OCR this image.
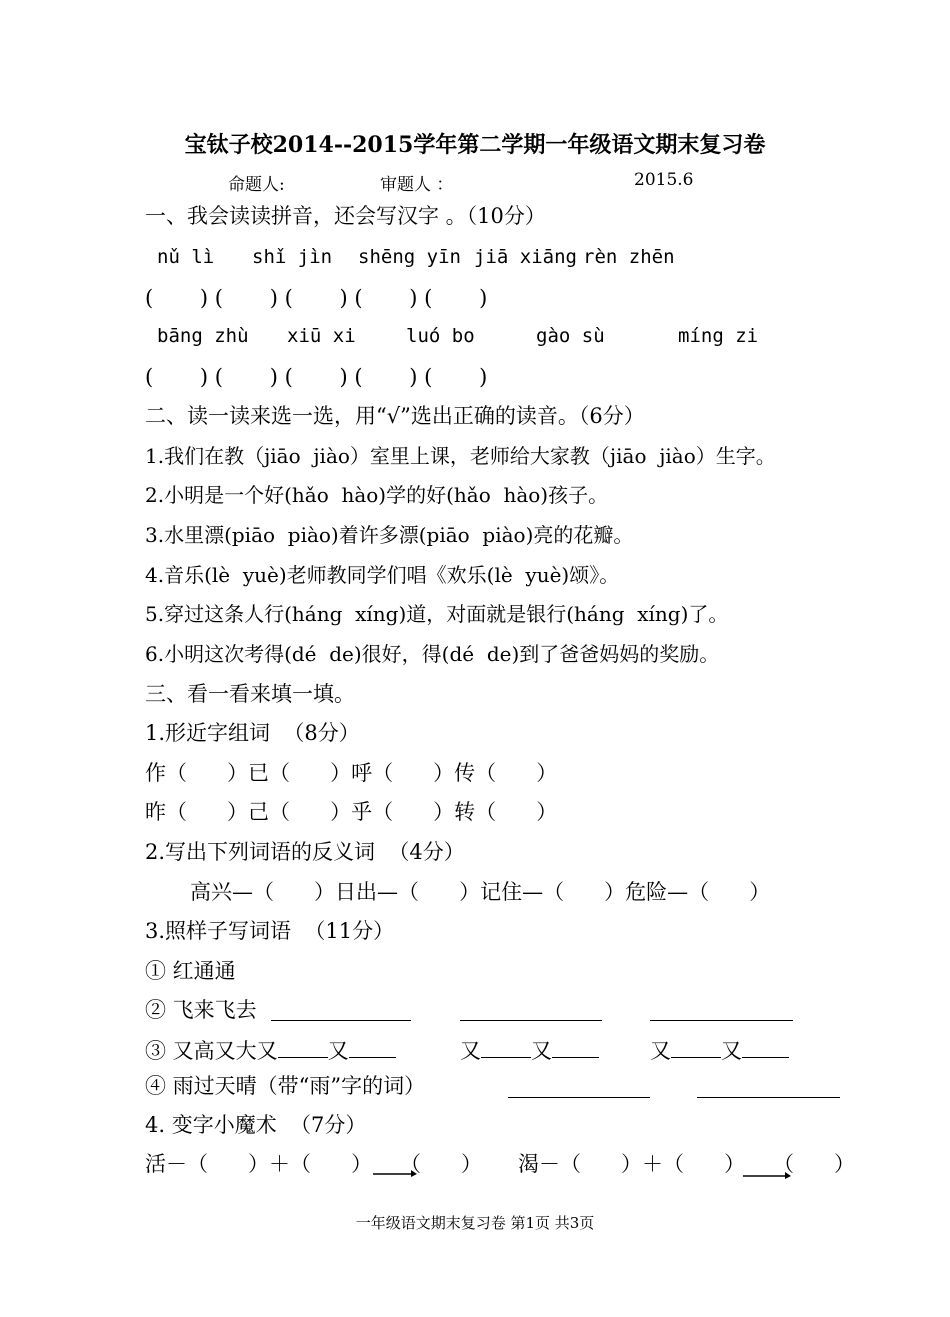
宝钛子校2014--2015学年第二学期一年级语文期末复习卷
命题人:	审题人 ：	2015.6
一、我会读读拼音，还会写汉字 。（10分）
nǔ lì shǐ jìn shēng yīn jiā xiāng rèn zhēn
(       ) (       ) (       ) (       ) (       )
bāng zhù xiū xi	luó bo	gào sù	míng zi
(       ) (       ) (       ) (       ) (       )
二、读一读来选一选，用“√”选出正确的读音。（6分）
1.我们在教（jiāo  jiào）室里上课，老师给大家教（jiāo  jiào）生字。
2.小明是一个好(hǎo  hào)学的好(hǎo  hào)孩子。
3.水里漂(piāo  piào)着许多漂(piāo  piào)亮的花瓣。
4.音乐(lè  yuè)老师教同学们唱《欢乐(lè  yuè)颂》。
5.穿过这条人行(háng  xíng)道，对面就是银行(háng  xíng)了。
6.小明这次考得(dé  de)很好，得(dé  de)到了爸爸妈妈的奖励。
三、看一看来填一填。
1.形近字组词  （8分）
作（      ）已（      ）呼（      ）传（      ）
昨（      ）己（      ）乎（      ）转（      ）
2.写出下列词语的反义词  （4分）
高兴—（      ）日出—（      ）记住—（      ）危险—（      ）
3.照样子写词语  （11分）
① 红通通
② 飞来飞去
③ 又高又大又 又	又 又	又 又
④ 雨过天晴（带“雨”字的词）
4. 变字小魔术  （7分）
活－（      ）＋（      ） （      ） 渴－（      ）＋（      ） （      ）
一年级语文期末复习卷 第1页 共3页
